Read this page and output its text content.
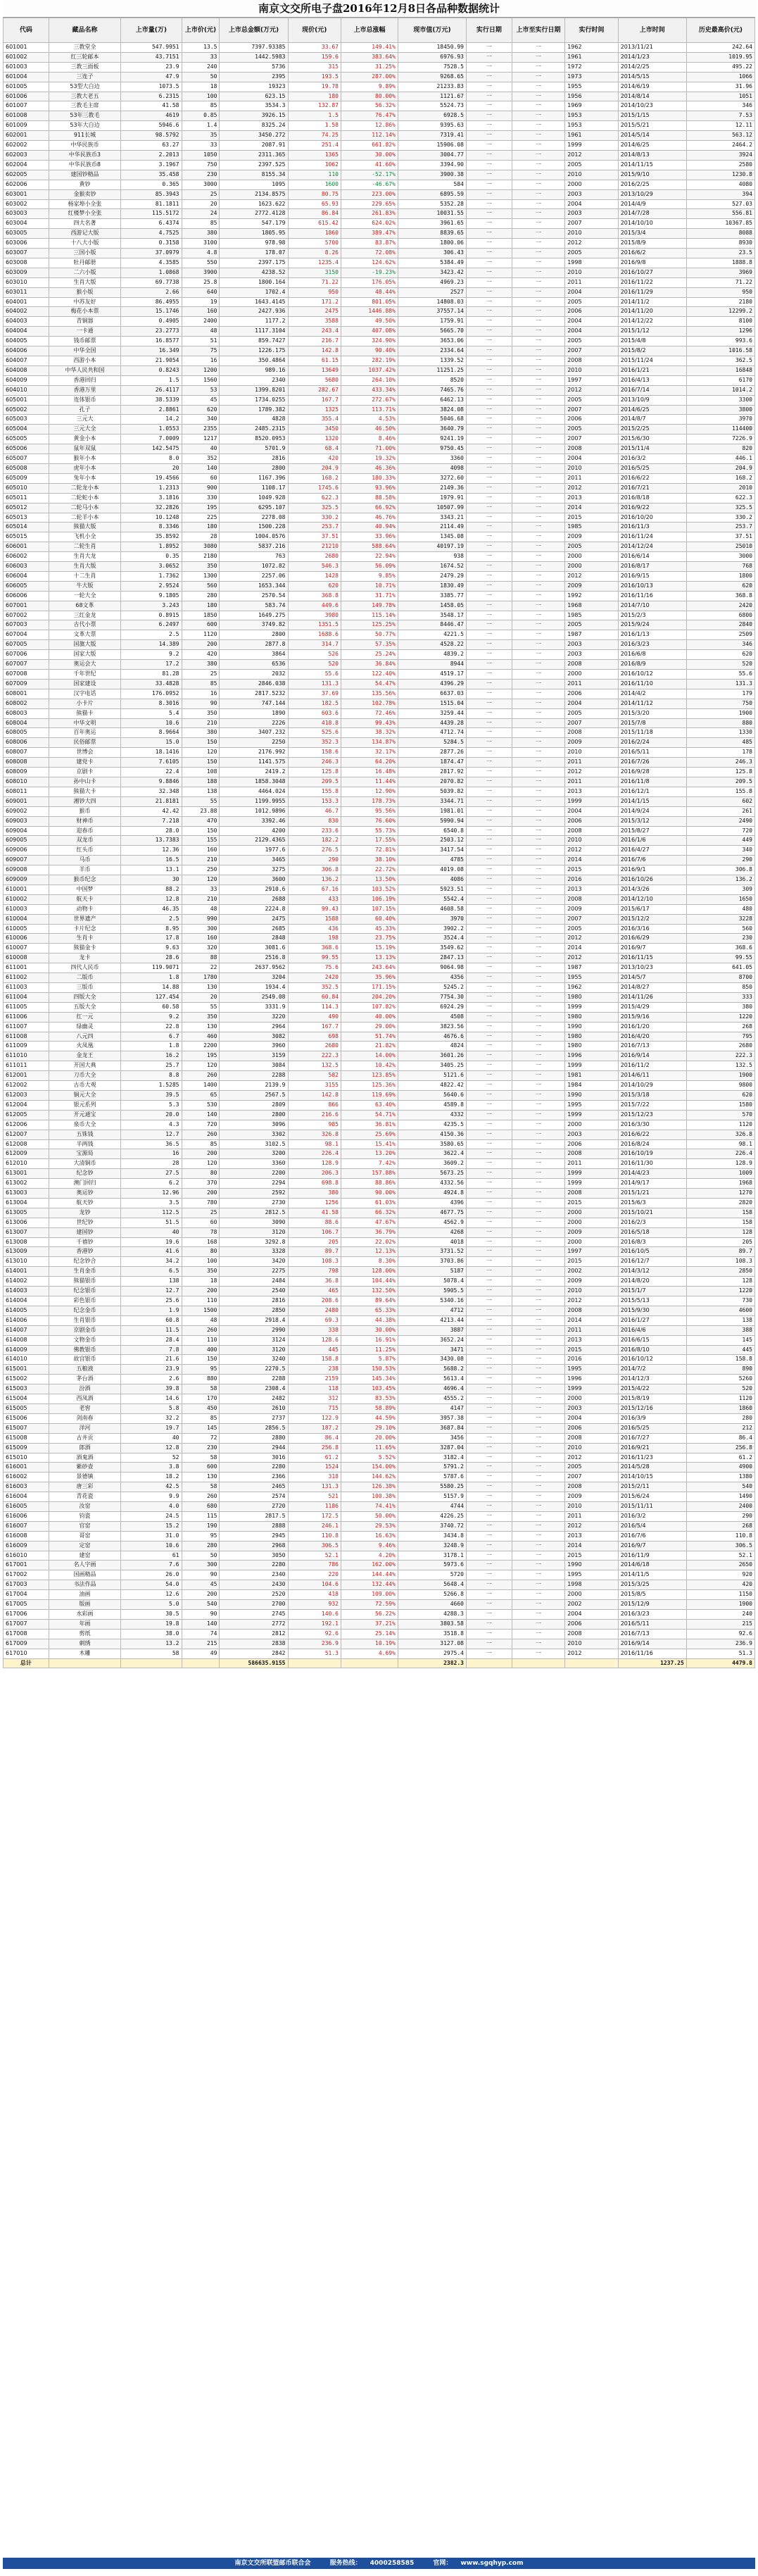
南京文交所电子盘2016年12月8日各品种数据统计
代码	藏品名称	上市量(万)	上市价(元)	上市总金额(万元)	现价(元)	上市总涨幅	现市值(万元)	实行日期	上市至实行日期	实行时间	上市时间	历史最高价(元)
601001	三教堂全	547.9951	13.5	7397.93385	33.67	149.41%	18450.99	一	一	1962	2013/11/21	242.64
601002	红三轮邮本	43.7151	33	1442.5983	159.6	383.64%	6976.93	一	一	1961	2014/1/23	1019.95
601003	三教三面板	23.9	240	5736	315	31.25%	7528.5	一	一	1972	2014/2/25	495.22
601004	三连子	47.9	50	2395	193.5	287.00%	9268.65	一	一	1973	2014/5/15	1066
601005	53型大白边	1073.5	18	19323	19.78	9.89%	21233.83	一	一	1955	2014/6/19	31.96
601006	三教大老五	6.2315	100	623.15	180	80.00%	1121.67	一	一	1956	2014/8/14	1051
601007	三教毛主席	41.58	85	3534.3	132.87	56.32%	5524.73	一	一	1969	2014/10/23	346
601008	53年三教毛	4619	0.85	3926.15	1.5	76.47%	6928.5	一	一	1953	2015/1/15	7.53
601009	53年大白边	5946.6	1.4	8325.24	1.58	12.86%	9395.63	一	一	1953	2015/5/21	12.11
602001	911长城	98.5792	35	3450.272	74.25	112.14%	7319.41	一	一	1961	2014/5/14	563.12
602002	中华民族币	63.27	33	2087.91	251.4	661.82%	15906.08	一	一	1999	2014/6/25	2464.2
602003	中华民族币3	2.2013	1050	2311.365	1365	30.00%	3004.77	一	一	2012	2014/8/13	3924
602004	中华民族币8	3.1967	750	2397.525	1062	41.60%	3394.90	一	一	2005	2014/11/15	2580
602005	建国钞精品	35.458	230	8155.34	110	-52.17%	3900.38	一	一	2010	2015/9/10	1230.8
602006	黄钞	0.365	3000	1095	1600	-46.67%	584	一	一	2000	2016/2/25	4080
603001	金猴卖钞	85.3943	25	2134.8575	80.75	223.00%	6895.59	一	一	2003	2013/10/29	394
603002	杨家埠小全张	81.1811	20	1623.622	65.93	229.65%	5352.28	一	一	2004	2014/4/9	527.03
603003	红楼梦小全张	115.5172	24	2772.4128	86.84	261.83%	10031.55	一	一	2003	2014/7/28	556.81
603004	四大名著	6.4374	85	547.179	615.42	624.02%	3961.65	一	一	2007	2014/10/10	10367.85
603005	西游记大版	4.7525	380	1805.95	1860	389.47%	8839.65	一	一	2010	2015/3/4	8088
603006	十八大小版	0.3158	3100	978.98	5700	83.87%	1800.06	一	一	2012	2015/8/9	8930
603007	三国小版	37.0979	4.8	178.07	8.26	72.08%	306.43	一	一	2005	2016/6/2	23.5
603008	牡丹邮册	4.3585	550	2397.175	1235.4	124.62%	5384.49	一	一	1998	2016/9/8	1888.8
603009	二六小版	1.0868	3900	4238.52	3150	-19.23%	3423.42	一	一	2010	2016/10/27	3969
603010	生肖大版	69.7738	25.8	1800.164	71.22	176.05%	4969.23	一	一	2011	2016/11/22	71.22
603011	猴小版	2.66	640	1702.4	950	48.44%	2527	一	一	2004	2016/11/29	950
604001	中苏友好	86.4955	19	1643.4145	171.2	801.05%	14808.03	一	一	2005	2014/11/2	2180
604002	梅花小本票	15.1746	160	2427.936	2475	1446.88%	37557.14	一	一	2006	2014/11/20	12299.2
604003	青铜器	0.4905	2400	1177.2	3588	49.50%	1759.91	一	一	2004	2014/12/22	8100
604004	一卡通	23.2773	48	1117.3104	243.4	407.08%	5665.70	一	一	2004	2015/1/12	1296
604005	钱币邮票	16.8577	51	859.7427	216.7	324.90%	3653.06	一	一	2005	2015/4/8	993.6
604006	中华全国	16.349	75	1226.175	142.8	90.40%	2334.64	一	一	2007	2015/8/2	1016.58
604007	西游小本	21.9054	16	350.4864	61.15	282.19%	1339.52	一	一	2008	2015/11/24	362.5
604008	中华人民共和国	0.8243	1200	989.16	13649	1037.42%	11251.25	一	一	2010	2016/1/21	16848
604009	香港回归	1.5	1560	2340	5680	264.10%	8520	一	一	1997	2016/4/13	6170
604010	香港万里	26.4117	53	1399.8201	282.67	433.34%	7465.76	一	一	2012	2016/7/14	1014.2
605001	连体银币	38.5339	45	1734.0255	167.7	272.67%	6462.13	一	一	2005	2013/10/9	3300
605002	孔子	2.8861	620	1789.382	1325	113.71%	3824.08	一	一	2007	2014/6/25	3800
605003	三元大	14.2	340	4828	355.4	4.53%	5046.68	一	一	2006	2014/8/7	3970
605004	三元大全	1.0553	2355	2485.2315	3450	46.50%	3640.79	一	一	2005	2015/2/25	114400
605005	黄金小本	7.0009	1217	8520.0953	1320	8.46%	9241.19	一	一	2007	2015/6/30	7226.9
605006	鼠年双鼠	142.5475	40	5701.9	68.4	71.00%	9750.45	一	一	2008	2015/11/4	820
605007	猴年小本	8.0	352	2816	420	19.32%	3360	一	一	2004	2016/3/2	446.1
605008	虎年小本	20	140	2800	204.9	46.36%	4098	一	一	2010	2016/5/25	204.9
605009	兔年小本	19.4566	60	1167.396	168.2	180.33%	3272.60	一	一	2011	2016/6/22	168.2
605010	二轮龙小本	1.2313	900	1108.17	1745.6	93.96%	2149.36	一	一	2012	2016/7/21	2010
605011	二轮蛇小本	3.1816	330	1049.928	622.3	88.58%	1979.91	一	一	2013	2016/8/18	622.3
605012	二轮马小本	32.2826	195	6295.107	325.5	66.92%	10507.99	一	一	2014	2016/9/22	325.5
605013	二轮羊小本	10.1248	225	2278.08	330.2	46.76%	3343.21	一	一	2015	2016/10/20	330.2
605014	熊猫大版	8.3346	180	1500.228	253.7	40.94%	2114.49	一	一	1985	2016/11/3	253.7
605015	飞机小全	35.8592	28	1004.0576	37.51	33.96%	1345.08	一	一	2009	2016/11/24	37.51
606001	二轮生肖	1.8952	3080	5837.216	21210	588.64%	40197.19	一	一	2005	2014/12/24	25010
606002	生肖大龙	0.35	2180	763	2680	22.94%	938	一	一	2000	2016/6/14	3000
606003	生肖大版	3.0652	350	1072.82	546.3	56.09%	1674.52	一	一	2000	2016/8/17	768
606004	十二生肖	1.7362	1300	2257.06	1428	9.85%	2479.29	一	一	2012	2016/9/15	1800
606005	牛大版	2.9524	560	1653.344	620	10.71%	1830.49	一	一	2009	2016/10/13	620
606006	一轮大全	9.1805	280	2570.54	368.8	31.71%	3385.77	一	一	1992	2016/11/16	368.8
607001	68文革	3.243	180	583.74	449.6	149.78%	1458.05	一	一	1968	2014/7/10	2420
607002	三红金龙	0.8915	1850	1649.275	3980	115.14%	3548.17	一	一	1985	2015/2/3	6800
607003	古代小票	6.2497	600	3749.82	1351.5	125.25%	8446.47	一	一	2005	2015/9/24	2840
607004	文革大票	2.5	1120	2800	1688.6	50.77%	4221.5	一	一	1987	2016/1/13	2509
607005	国旗大版	14.389	200	2877.8	314.7	57.35%	4528.22	一	一	2003	2016/3/23	346
607006	国家大版	9.2	420	3864	526	25.24%	4839.2	一	一	2003	2016/6/8	620
607007	奥运会大	17.2	380	6536	520	36.84%	8944	一	一	2008	2016/8/9	520
607008	千年世纪	81.28	25	2032	55.6	122.40%	4519.17	一	一	2000	2016/10/12	55.6
607009	国家建设	33.4828	85	2846.038	131.3	54.47%	4396.29	一	一	2011	2016/11/10	131.3
608001	汉字电话	176.0952	16	2817.5232	37.69	135.56%	6637.03	一	一	2006	2014/4/2	179
608002	小卡片	8.3016	90	747.144	182.5	102.78%	1515.04	一	一	2004	2014/11/12	750
608003	熊猫卡	5.4	350	1890	603.6	72.46%	3259.44	一	一	2005	2015/3/20	1900
608004	中华文明	10.6	210	2226	418.8	99.43%	4439.28	一	一	2007	2015/7/8	880
608005	百年奥运	8.9664	380	3407.232	525.6	38.32%	4712.74	一	一	2008	2015/11/18	1330
608006	民俗邮票	15.0	150	2250	352.3	134.87%	5284.5	一	一	2009	2016/2/24	485
608007	世博会	18.1416	120	2176.992	158.6	32.17%	2877.26	一	一	2010	2016/5/11	178
608008	建党卡	7.6105	150	1141.575	246.3	64.20%	1874.47	一	一	2011	2016/7/26	246.3
608009	京剧卡	22.4	108	2419.2	125.8	16.48%	2817.92	一	一	2012	2016/9/28	125.8
608010	孙中山卡	9.8846	188	1858.3048	209.5	11.44%	2070.82	一	一	2011	2016/11/8	209.5
608011	熊猫大卡	32.348	138	4464.024	155.8	12.90%	5039.82	一	一	2013	2016/12/1	155.8
609001	湘钞大四	21.8181	55	1199.9955	153.3	178.73%	3344.71	一	一	1999	2014/1/15	602
609002	猴币	42.42	23.88	1012.9896	46.7	95.56%	1981.01	一	一	2004	2014/9/24	261
609003	财神币	7.218	470	3392.46	830	76.60%	5990.94	一	一	2006	2015/3/12	2490
609004	迎春币	28.0	150	4200	233.6	55.73%	6540.8	一	一	2008	2015/8/27	720
609005	双龙币	13.7383	155	2129.4365	182.2	17.55%	2503.12	一	一	2010	2016/1/6	449
609006	红头币	12.36	160	1977.6	276.5	72.81%	3417.54	一	一	2012	2016/4/27	340
609007	马币	16.5	210	3465	290	38.10%	4785	一	一	2014	2016/7/6	290
609008	羊币	13.1	250	3275	306.8	22.72%	4019.08	一	一	2015	2016/9/1	306.8
609009	猴币纪念	30	120	3600	136.2	13.50%	4086	一	一	2016	2016/10/26	136.2
610001	中国梦	88.2	33	2910.6	67.16	103.52%	5923.51	一	一	2013	2014/3/26	309
610002	航天卡	12.8	210	2688	433	106.19%	5542.4	一	一	2008	2014/12/10	1650
610003	动物卡	46.35	48	2224.8	99.43	107.15%	4608.58	一	一	2009	2015/6/17	480
610004	世界遗产	2.5	990	2475	1588	60.40%	3970	一	一	2007	2015/12/2	3228
610005	卡片纪念	8.95	300	2685	436	45.33%	3902.2	一	一	2005	2016/3/16	560
610006	生肖卡	17.8	160	2848	198	23.75%	3524.4	一	一	2012	2016/6/29	230
610007	熊猫金卡	9.63	320	3081.6	368.6	15.19%	3549.62	一	一	2014	2016/9/7	368.6
610008	龙卡	28.6	88	2516.8	99.55	13.13%	2847.13	一	一	2012	2016/11/15	99.55
611001	四代人民币	119.9071	22	2637.9562	75.6	243.64%	9064.98	一	一	1987	2013/10/23	641.05
611002	二版币	1.8	1780	3204	2420	35.96%	4356	一	一	1955	2014/5/7	8700
611003	三版币	14.88	130	1934.4	352.5	171.15%	5245.2	一	一	1962	2014/8/27	850
611004	四版大全	127.454	20	2549.08	60.84	204.20%	7754.30	一	一	1980	2014/11/26	333
611005	五版大全	60.58	55	3331.9	114.3	107.82%	6924.29	一	一	1999	2015/4/29	380
611006	红一元	9.2	350	3220	490	40.00%	4508	一	一	1980	2015/9/16	1220
611007	绿幽灵	22.8	130	2964	167.7	29.00%	3823.56	一	一	1990	2016/1/20	268
611008	八元四	6.7	460	3082	698	51.74%	4676.6	一	一	1980	2016/4/20	795
611009	火凤凰	1.8	2200	3960	2680	21.82%	4824	一	一	1980	2016/7/13	2680
611010	金龙王	16.2	195	3159	222.3	14.00%	3601.26	一	一	1996	2016/9/14	222.3
611011	开国大典	25.7	120	3084	132.5	10.42%	3405.25	一	一	1999	2016/11/2	132.5
612001	刀币大全	8.8	260	2288	582	123.85%	5121.6	一	一	1981	2014/6/11	1900
612002	古币大观	1.5285	1400	2139.9	3155	125.36%	4822.42	一	一	1984	2014/10/29	9800
612003	铜元大全	39.5	65	2567.5	142.8	119.69%	5640.6	一	一	1990	2015/3/18	620
612004	银元系列	5.3	530	2809	866	63.40%	4589.8	一	一	1995	2015/7/22	1580
612005	开元通宝	20.0	140	2800	216.6	54.71%	4332	一	一	1999	2015/12/23	570
612006	泉币大全	4.3	720	3096	985	36.81%	4235.5	一	一	2000	2016/3/30	1120
612007	五铢钱	12.7	260	3302	326.8	25.69%	4150.36	一	一	2003	2016/6/22	326.8
612008	半两钱	36.5	85	3102.5	98.1	15.41%	3580.65	一	一	2006	2016/8/24	98.1
612009	宝源局	16	200	3200	226.4	13.20%	3622.4	一	一	2008	2016/10/19	226.4
612010	大清铜币	28	120	3360	128.9	7.42%	3609.2	一	一	2011	2016/11/30	128.9
613001	纪念钞	27.5	80	2200	206.3	157.88%	5673.25	一	一	1999	2014/4/23	1009
613002	澳门回归	6.2	370	2294	698.8	88.86%	4332.56	一	一	1999	2014/9/17	1968
613003	奥运钞	12.96	200	2592	380	90.00%	4924.8	一	一	2008	2015/1/21	1270
613004	航天钞	3.5	780	2730	1256	61.03%	4396	一	一	2015	2015/6/3	2820
613005	龙钞	112.5	25	2812.5	41.58	66.32%	4677.75	一	一	2000	2015/10/21	158
613006	世纪钞	51.5	60	3090	88.6	47.67%	4562.9	一	一	2000	2016/2/3	158
613007	建国钞	40	78	3120	106.7	36.79%	4268	一	一	2009	2016/5/18	128
613008	千禧钞	19.6	168	3292.8	205	22.02%	4018	一	一	2000	2016/8/3	205
613009	香港钞	41.6	80	3328	89.7	12.13%	3731.52	一	一	1997	2016/10/5	89.7
613010	纪念钞合	34.2	100	3420	108.3	8.30%	3703.86	一	一	2015	2016/12/7	108.3
614001	生肖金币	6.5	350	2275	798	128.00%	5187	一	一	2002	2014/3/12	2850
614002	熊猫银币	138	18	2484	36.8	104.44%	5078.4	一	一	2009	2014/8/20	128
614003	纪念银币	12.7	200	2540	465	132.50%	5905.5	一	一	2010	2015/1/7	1220
614004	彩色银币	25.6	110	2816	208.6	89.64%	5340.16	一	一	2012	2015/5/13	730
614005	纪念金币	1.9	1500	2850	2480	65.33%	4712	一	一	2008	2015/9/30	4600
614006	生肖银币	60.8	48	2918.4	69.3	44.38%	4213.44	一	一	2014	2016/1/27	138
614007	京剧金币	11.5	260	2990	338	30.00%	3887	一	一	2011	2016/4/6	388
614008	文物金币	28.4	110	3124	128.6	16.91%	3652.24	一	一	2013	2016/6/15	145
614009	佛教银币	7.8	400	3120	445	11.25%	3471	一	一	2015	2016/8/10	445
614010	故宫银币	21.6	150	3240	158.8	5.87%	3430.08	一	一	2016	2016/10/12	158.8
615001	五粮液	23.9	95	2270.5	238	150.53%	5688.2	一	一	1995	2014/7/2	890
615002	茅台酒	2.6	880	2288	2159	145.34%	5613.4	一	一	1996	2014/12/3	5260
615003	汾酒	39.8	58	2308.4	118	103.45%	4696.4	一	一	1999	2015/4/22	520
615004	西凤酒	14.6	170	2482	312	83.53%	4555.2	一	一	2000	2015/8/19	1120
615005	老窖	5.8	450	2610	715	58.89%	4147	一	一	2003	2015/12/16	1860
615006	剑南春	32.2	85	2737	122.9	44.59%	3957.38	一	一	2004	2016/3/9	280
615007	洋河	19.7	145	2856.5	187.2	29.10%	3687.84	一	一	2006	2016/5/25	212
615008	古井贡	40	72	2880	86.4	20.00%	3456	一	一	2008	2016/7/27	86.4
615009	郎酒	12.8	230	2944	256.8	11.65%	3287.04	一	一	2010	2016/9/21	256.8
615010	酒鬼酒	52	58	3016	61.2	5.52%	3182.4	一	一	2012	2016/11/23	61.2
616001	紫砂壶	3.8	600	2280	1524	154.00%	5791.2	一	一	2005	2014/5/28	4900
616002	景德镇	18.2	130	2366	318	144.62%	5787.6	一	一	2007	2014/10/15	1380
616003	唐三彩	42.5	58	2465	131.3	126.38%	5580.25	一	一	2008	2015/2/11	540
616004	青花瓷	9.9	260	2574	521	100.38%	5157.9	一	一	2009	2015/6/24	1490
616005	汝窑	4.0	680	2720	1186	74.41%	4744	一	一	2010	2015/11/11	2400
616006	钧瓷	24.5	115	2817.5	172.5	50.00%	4226.25	一	一	2011	2016/3/2	290
616007	官窑	15.2	190	2888	246.1	29.53%	3740.72	一	一	2012	2016/5/4	268
616008	哥窑	31.0	95	2945	110.8	16.63%	3434.8	一	一	2013	2016/7/6	110.8
616009	定窑	10.6	280	2968	306.5	9.46%	3248.9	一	一	2014	2016/9/7	306.5
616010	建窑	61	50	3050	52.1	4.20%	3178.1	一	一	2015	2016/11/9	52.1
617001	名人字画	7.6	300	2280	786	162.00%	5973.6	一	一	1990	2014/6/18	2650
617002	国画精品	26.0	90	2340	220	144.44%	5720	一	一	1995	2014/11/5	920
617003	书法作品	54.0	45	2430	104.6	132.44%	5648.4	一	一	1998	2015/3/25	420
617004	油画	12.6	200	2520	418	109.00%	5266.8	一	一	2000	2015/8/5	1150
617005	版画	5.0	540	2700	932	72.59%	4660	一	一	2002	2015/12/9	1900
617006	水彩画	30.5	90	2745	140.6	56.22%	4288.3	一	一	2004	2016/3/23	240
617007	年画	19.8	140	2772	192.1	37.21%	3803.58	一	一	2006	2016/5/11	215
617008	剪纸	38.0	74	2812	92.6	25.14%	3518.8	一	一	2008	2016/7/13	92.6
617009	刺绣	13.2	215	2838	236.9	10.19%	3127.08	一	一	2010	2016/9/14	236.9
617010	木雕	58	49	2842	51.3	4.69%	2975.4	一	一	2012	2016/11/16	51.3
总计				586635.9155			2382.3				1237.25	4479.8
南京文交所联盟邮币联合会	服务热线： 4000258585	官网： www.sgqhyp.com
